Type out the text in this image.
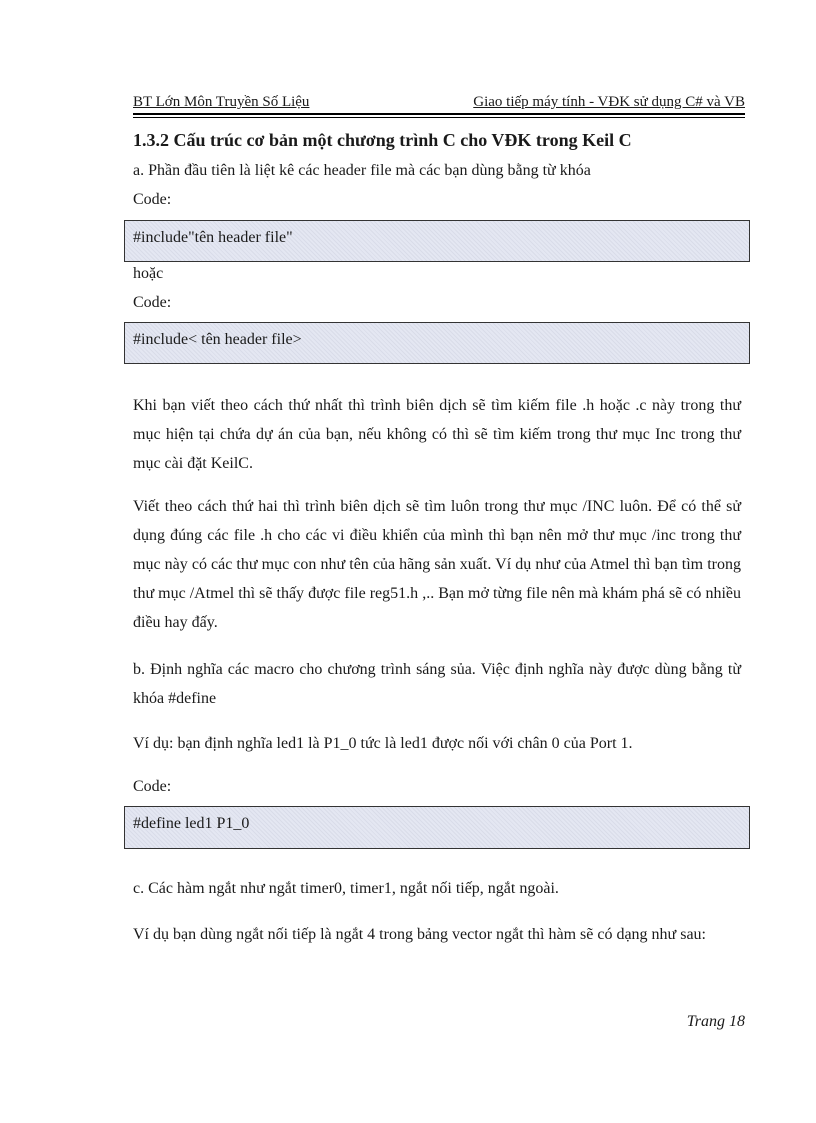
BT Lớn Môn Truyền Số Liệu	Giao tiếp máy tính - VĐK sử dụng C# và VB
1.3.2 Cấu trúc cơ bản một chương trình C cho VĐK trong Keil C
a. Phần đầu tiên là liệt kê các header file mà các bạn dùng bằng từ khóa
Code:
#include"tên header file"
hoặc
Code:
#include< tên header file>
Khi bạn viết theo cách thứ nhất thì trình biên dịch sẽ tìm kiếm file .h hoặc .c này trong thư mục hiện tại chứa dự án của bạn, nếu không có thì sẽ tìm kiếm trong thư mục Inc trong thư mục cài đặt KeilC.
Viết theo cách thứ hai thì trình biên dịch sẽ tìm luôn trong thư mục /INC luôn. Để có thể sử dụng đúng các file .h cho các vi điều khiển của mình thì bạn nên mở thư mục /inc trong thư mục này có các thư mục con như tên của hãng sản xuất. Ví dụ như của Atmel thì bạn tìm trong thư mục /Atmel thì sẽ thấy được file reg51.h ,.. Bạn mở từng file nên mà khám phá sẽ có nhiều điều hay đấy.
b. Định nghĩa các macro cho chương trình sáng sủa. Việc định nghĩa này được dùng bằng từ khóa #define
Ví dụ: bạn định nghĩa led1 là P1_0 tức là led1 được nối với chân 0 của Port 1.
Code:
#define led1 P1_0
c. Các hàm ngắt như ngắt timer0, timer1, ngắt nối tiếp, ngắt ngoài.
Ví dụ bạn dùng ngắt nối tiếp là ngắt 4 trong bảng vector ngắt thì hàm sẽ có dạng như sau:
Trang 18
